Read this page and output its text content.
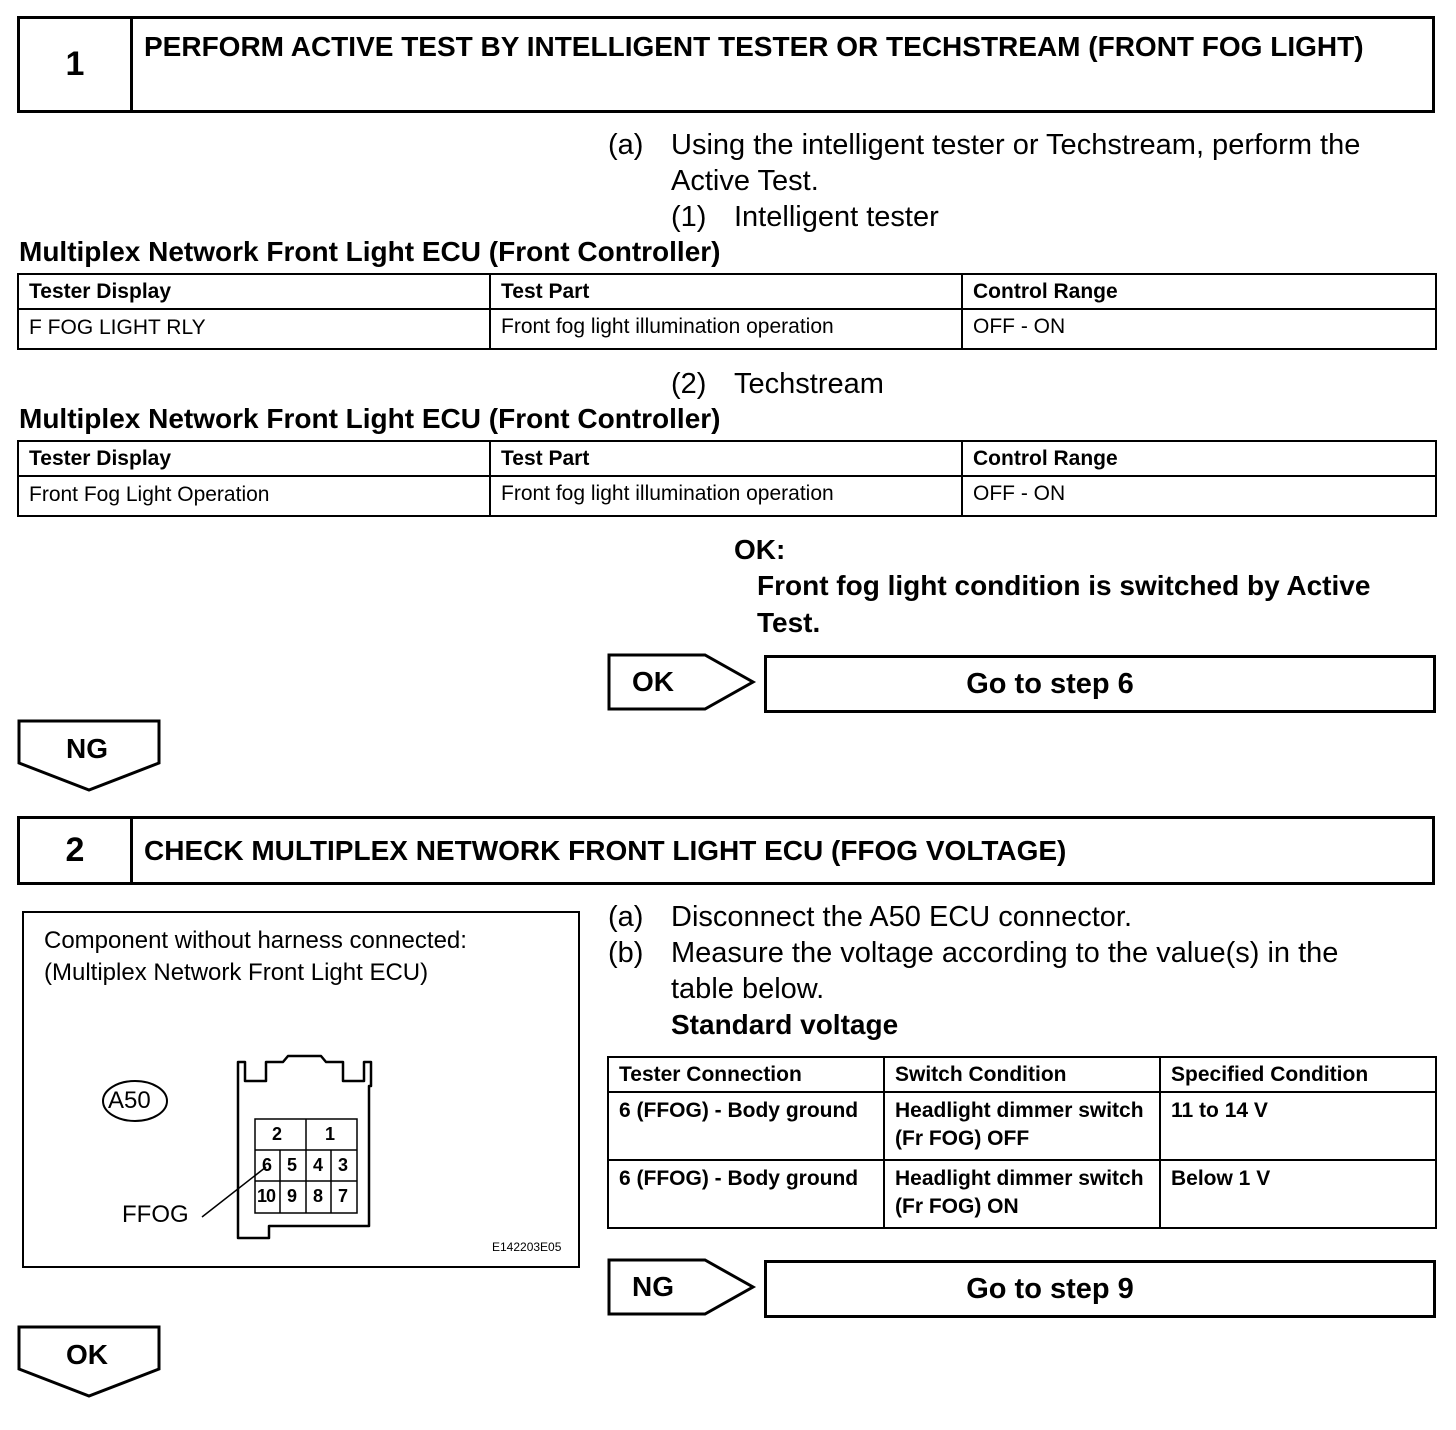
1	PERFORM ACTIVE TEST BY INTELLIGENT TESTER OR TECHSTREAM (FRONT FOG LIGHT)
(a) Using the intelligent tester or Techstream, perform the
Active Test.
(1) Intelligent tester
Multiplex Network Front Light ECU (Front Controller)
Tester Display	Test Part	Control Range
F FOG LIGHT RLY	Front fog light illumination operation	OFF - ON
(2) Techstream
Multiplex Network Front Light ECU (Front Controller)
Tester Display	Test Part	Control Range
Front Fog Light Operation	Front fog light illumination operation	OFF - ON
OK:
Front fog light condition is switched by Active
Test.
OK	Go to step 6
NG
2	CHECK MULTIPLEX NETWORK FRONT LIGHT ECU (FFOG VOLTAGE)
Component without harness connected:
(Multiplex Network Front Light ECU)
A50
2 1
6 5 4 3
10 9 8 7
FFOG
E142203E05
(a) Disconnect the A50 ECU connector.
(b) Measure the voltage according to the value(s) in the
table below.
Standard voltage
Tester Connection	Switch Condition	Specified Condition
6 (FFOG) - Body ground	Headlight dimmer switch (Fr FOG) OFF	11 to 14 V
6 (FFOG) - Body ground	Headlight dimmer switch (Fr FOG) ON	Below 1 V
NG	Go to step 9
OK
